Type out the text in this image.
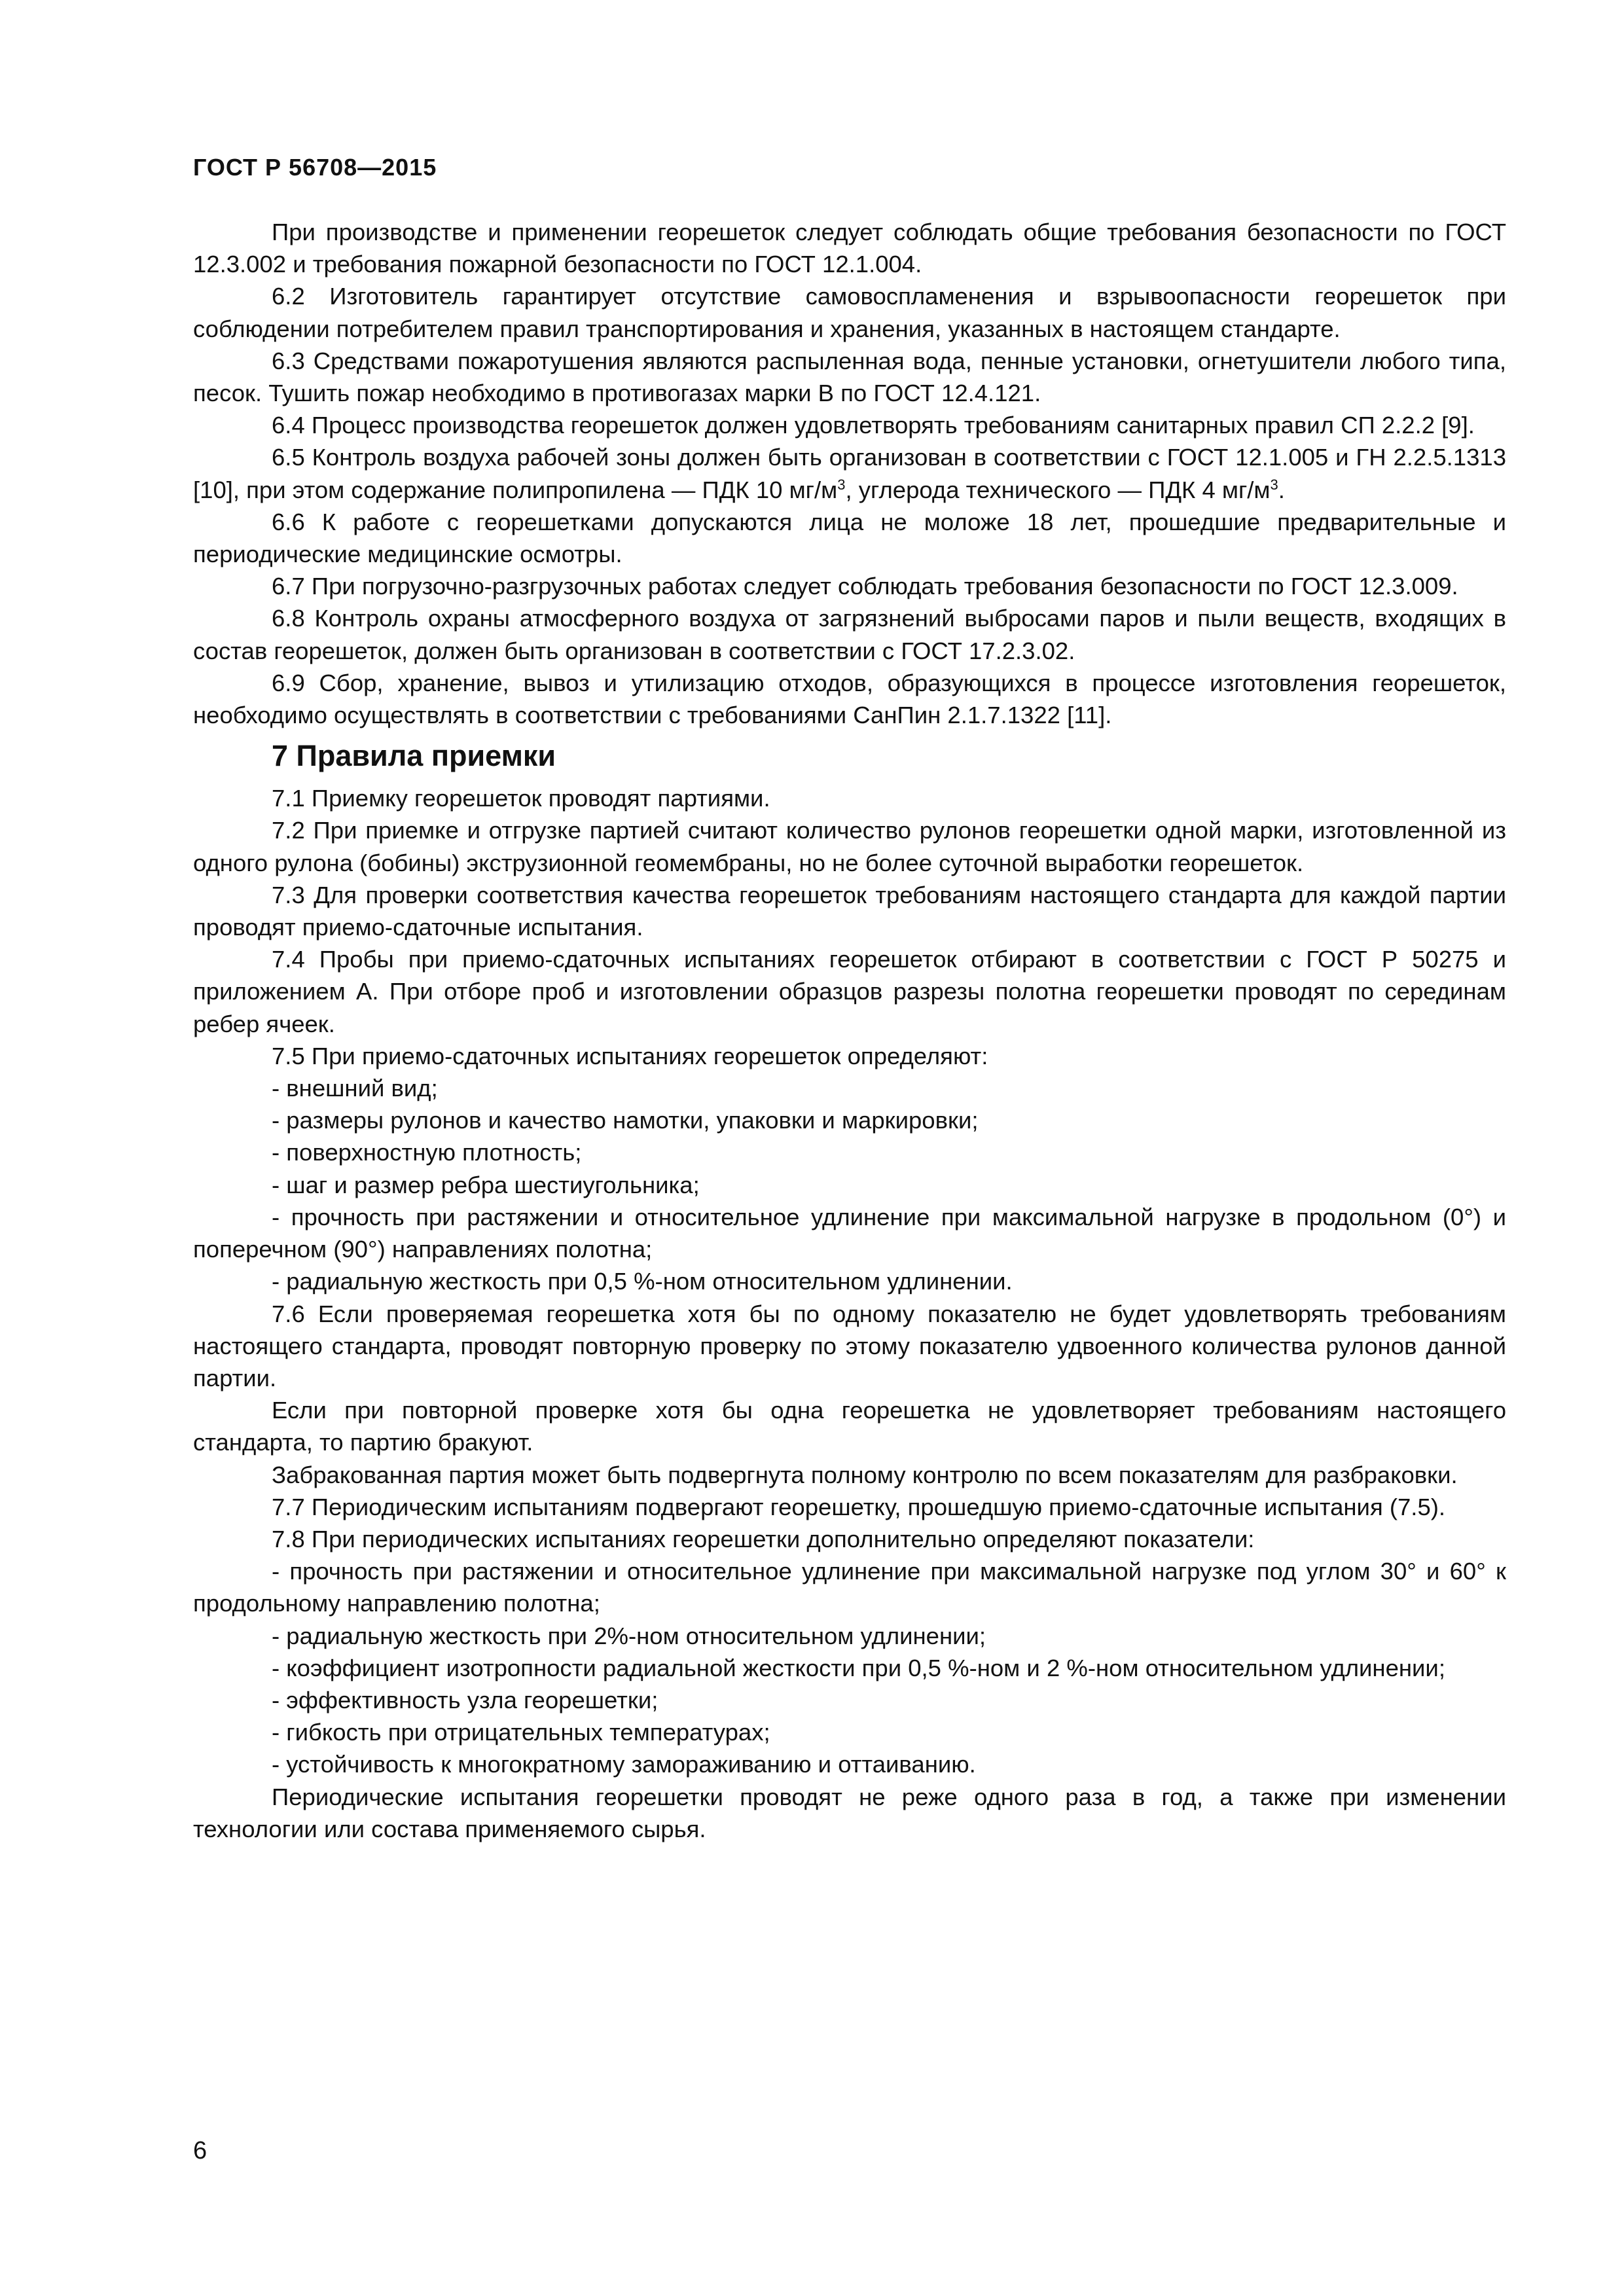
ГОСТ Р 56708—2015

При производстве и применении георешеток следует соблюдать общие требования безопасности по ГОСТ 12.3.002 и требования пожарной безопасности по ГОСТ 12.1.004.

6.2 Изготовитель гарантирует отсутствие самовоспламенения и взрывоопасности георешеток при соблюдении потребителем правил транспортирования и хранения, указанных в настоящем стандарте.

6.3 Средствами пожаротушения являются распыленная вода, пенные установки, огнетушители любого типа, песок. Тушить пожар необходимо в противогазах марки В по ГОСТ 12.4.121.

6.4 Процесс производства георешеток должен удовлетворять требованиям санитарных правил СП 2.2.2 [9].

6.5 Контроль воздуха рабочей зоны должен быть организован в соответствии с ГОСТ 12.1.005 и ГН 2.2.5.1313 [10], при этом содержание полипропилена — ПДК 10 $мг/м^3$, углерода технического — ПДК 4 $мг/м^3$.

6.6 К работе с георешетками допускаются лица не моложе 18 лет, прошедшие предварительные и периодические медицинские осмотры.

6.7 При погрузочно-разгрузочных работах следует соблюдать требования безопасности по ГОСТ 12.3.009.

6.8 Контроль охраны атмосферного воздуха от загрязнений выбросами паров и пыли веществ, входящих в состав георешеток, должен быть организован в соответствии с ГОСТ 17.2.3.02.

6.9 Сбор, хранение, вывоз и утилизацию отходов, образующихся в процессе изготовления георешеток, необходимо осуществлять в соответствии с требованиями СанПин 2.1.7.1322 [11].

7 Правила приемки

7.1 Приемку георешеток проводят партиями.

7.2 При приемке и отгрузке партией считают количество рулонов георешетки одной марки, изготовленной из одного рулона (бобины) экструзионной геомембраны, но не более суточной выработки георешеток.

7.3 Для проверки соответствия качества георешеток требованиям настоящего стандарта для каждой партии проводят приемо-сдаточные испытания.

7.4 Пробы при приемо-сдаточных испытаниях георешеток отбирают в соответствии с ГОСТ Р 50275 и приложением А. При отборе проб и изготовлении образцов разрезы полотна георешетки проводят по серединам ребер ячеек.

7.5 При приемо-сдаточных испытаниях георешеток определяют:

- внешний вид;

- размеры рулонов и качество намотки, упаковки и маркировки;

- поверхностную плотность;

- шаг и размер ребра шестиугольника;

- прочность при растяжении и относительное удлинение при максимальной нагрузке в продольном (0°) и поперечном (90°) направлениях полотна;

- радиальную жесткость при 0,5 %-ном относительном удлинении.

7.6 Если проверяемая георешетка хотя бы по одному показателю не будет удовлетворять требованиям настоящего стандарта, проводят повторную проверку по этому показателю удвоенного количества рулонов данной партии.

Если при повторной проверке хотя бы одна георешетка не удовлетворяет требованиям настоящего стандарта, то партию бракуют.

Забракованная партия может быть подвергнута полному контролю по всем показателям для разбраковки.

7.7 Периодическим испытаниям подвергают георешетку, прошедшую приемо-сдаточные испытания (7.5).

7.8 При периодических испытаниях георешетки дополнительно определяют показатели:

- прочность при растяжении и относительное удлинение при максимальной нагрузке под углом 30° и 60° к продольному направлению полотна;

- радиальную жесткость при 2%-ном относительном удлинении;

- коэффициент изотропности радиальной жесткости при 0,5 %-ном и 2 %-ном относительном удлинении;

- эффективность узла георешетки;

- гибкость при отрицательных температурах;

- устойчивость к многократному замораживанию и оттаиванию.

Периодические испытания георешетки проводят не реже одного раза в год, а также при изменении технологии или состава применяемого сырья.

6
